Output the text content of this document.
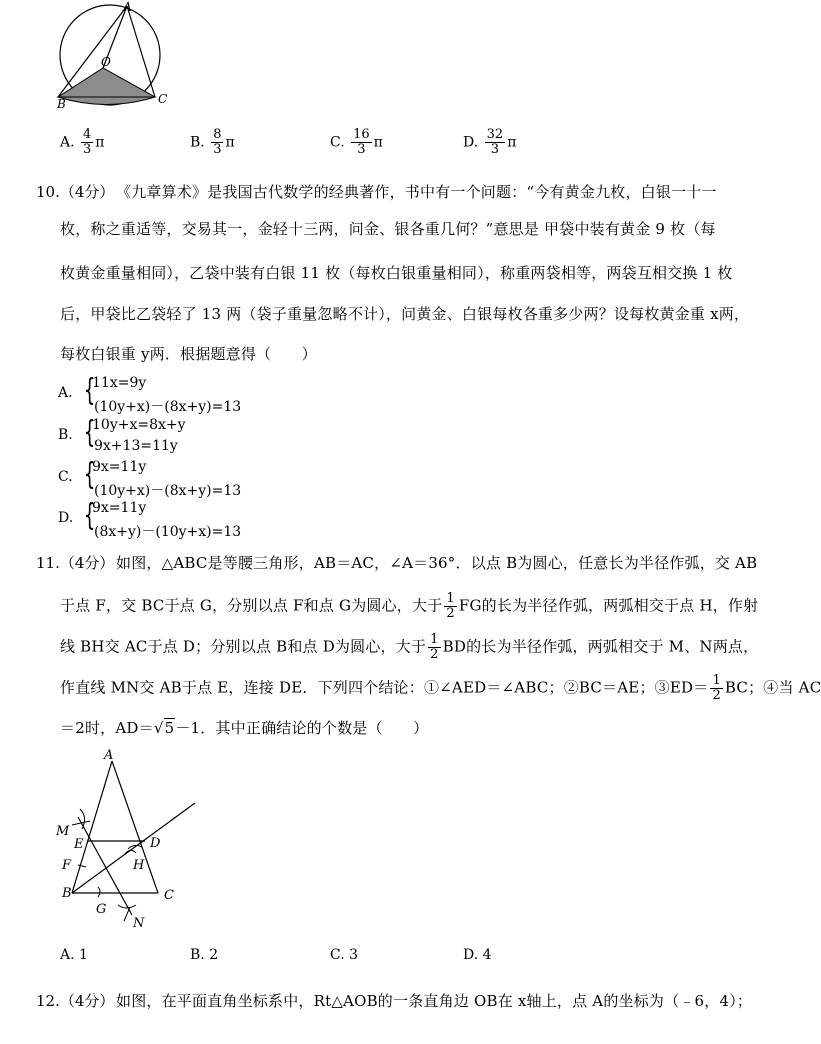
A
O
B	C
A. $\frac{4}{3}$ π	B. $\frac{8}{3}$ π	C. $\frac{16}{3}$ π	D. $\frac{32}{3}$ π
10.（4分） 《九章算术》是我国古代数学的经典著作，书中有一个问题：“今有黄金九枚，白银一十一
枚，称之重适等，交易其一，金轻十三两，问金、银各重几何？”意思是 甲袋中装有黄金 9 枚（每
枚黄金重量相同），乙袋中装有白银 11 枚（每枚白银重量相同），称重两袋相等，两袋互相交换 1 枚
后，甲袋比乙袋轻了 13 两（袋子重量忽略不计），问黄金、白银每枚各重多少两？设每枚黄金重 x两，
每枚白银重 y两．根据题意得（　　）
A. {
11x=9y
(10y+x)－(8x+y)=13
B. {
10y+x=8x+y
9x+13=11y
C. {
9x=11y
(10y+x)－(8x+y)=13
D. {
9x=11y
(8x+y)－(10y+x)=13
11.（4分） 如图，△ABC是等腰三角形，AB＝AC，∠A＝36°．以点 B为圆心，任意长为半径作弧，交 AB
于点 F，交 BC于点 G，分别以点 F和点 G为圆心，大于 $\frac{1}{2}$ FG的长为半径作弧，两弧相交于点 H，作射
线 BH交 AC于点 D；分别以点 B和点 D为圆心，大于 $\frac{1}{2}$ BD的长为半径作弧，两弧相交于 M、N两点，
作直线 MN交 AB于点 E，连接 DE．下列四个结论：①∠AED＝∠ABC；②BC＝AE；③ED＝ $\frac{1}{2}$ BC；④当 AC
＝2时，AD＝√5－1．其中正确结论的个数是（　　）
A
M
E	D
F	H
B	C
G
N
A. 1	B. 2	C. 3	D. 4
12.（4分） 如图，在平面直角坐标系中，Rt△AOB的一条直角边 OB在 x轴上，点 A的坐标为（﹣6，4）；
